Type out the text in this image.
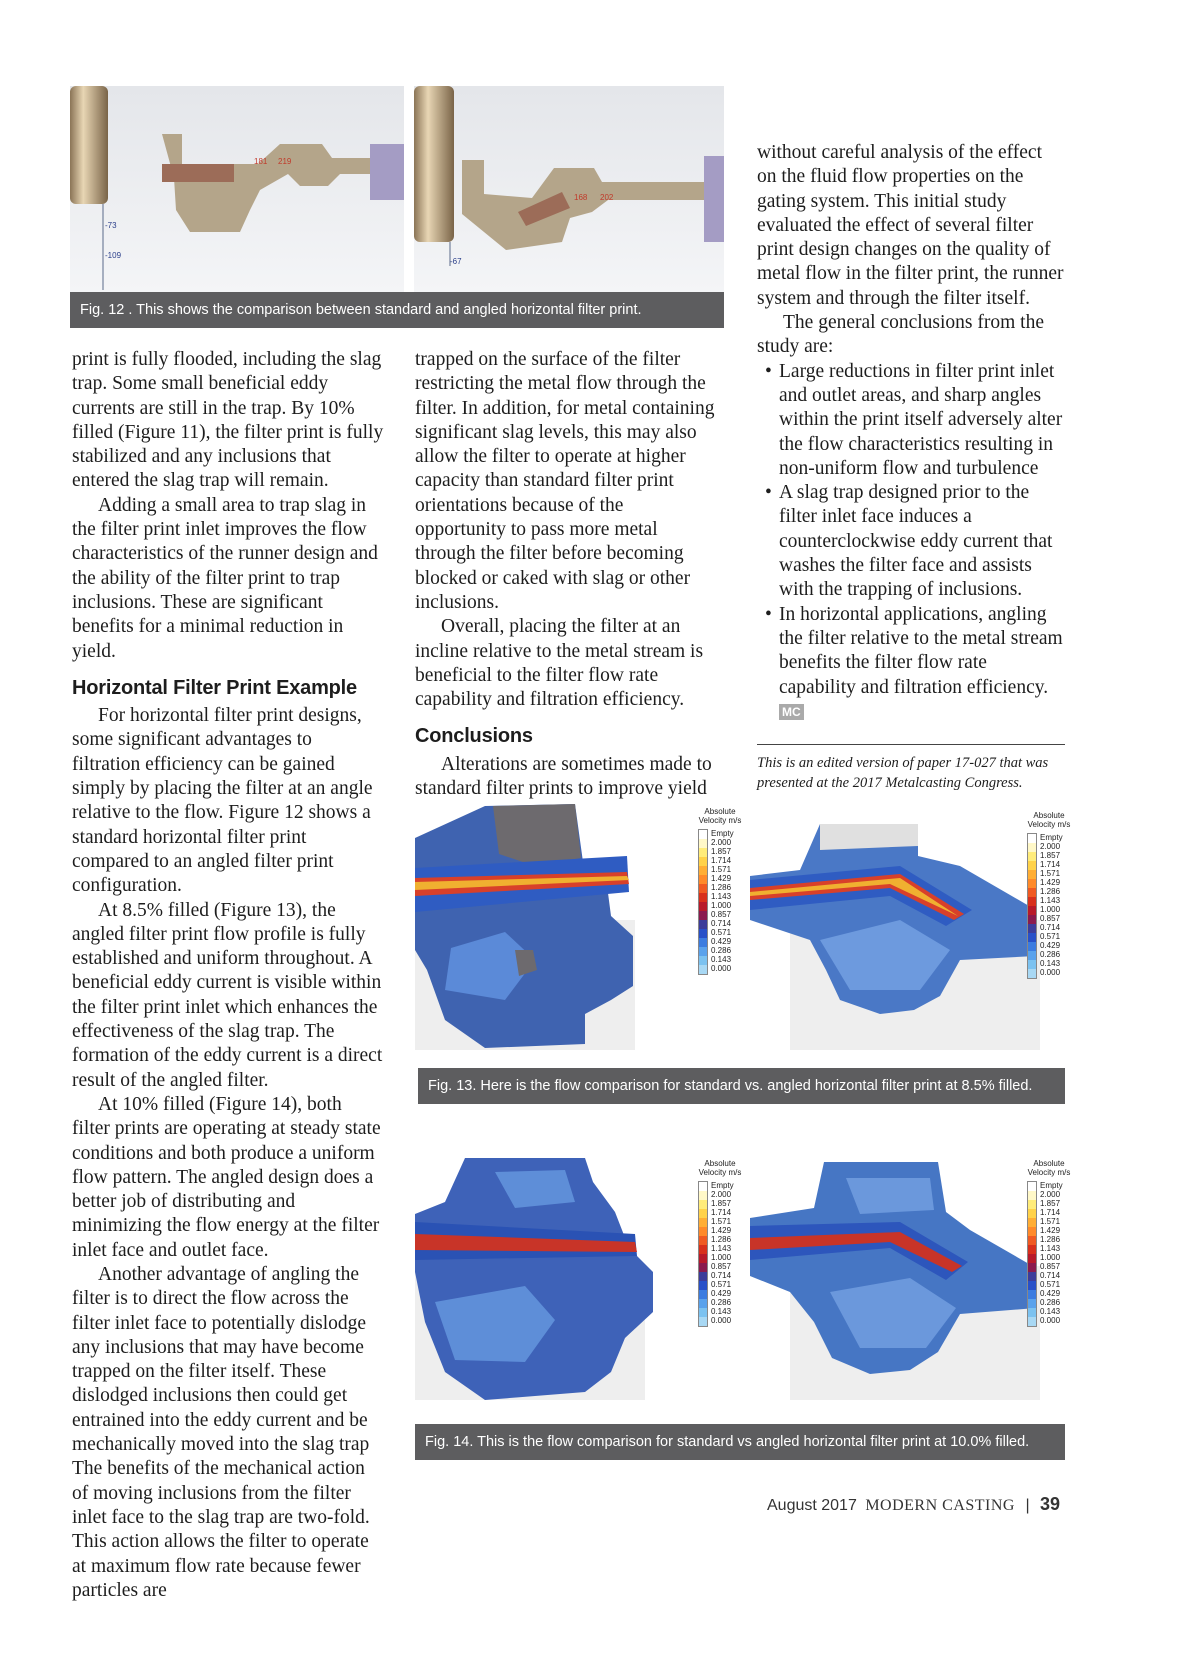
181 219
-73
-109
168 202
-67
Fig. 12 . This shows the comparison between standard and angled horizontal filter print.

print is fully flooded, including the slag trap. Some small beneficial eddy currents are still in the trap. By 10% filled (Figure 11), the filter print is fully stabilized and any inclusions that entered the slag trap will remain.

Adding a small area to trap slag in the filter print inlet improves the flow characteristics of the runner design and the ability of the filter print to trap inclusions. These are significant benefits for a minimal reduction in yield.

Horizontal Filter Print Example

For horizontal filter print designs, some significant advantages to filtration efficiency can be gained simply by placing the filter at an angle relative to the flow. Figure 12 shows a standard horizontal filter print compared to an angled filter print configuration.

At 8.5% filled (Figure 13), the angled filter print flow profile is fully established and uniform throughout. A beneficial eddy current is visible within the filter print inlet which enhances the effectiveness of the slag trap. The formation of the eddy current is a direct result of the angled filter.

At 10% filled (Figure 14), both filter prints are operating at steady state conditions and both produce a uniform flow pattern. The angled design does a better job of distributing and minimizing the flow energy at the filter inlet face and outlet face.

Another advantage of angling the filter is to direct the flow across the filter inlet face to potentially dislodge any inclusions that may have become trapped on the filter itself. These dislodged inclusions then could get entrained into the eddy current and be mechanically moved into the slag trap The benefits of the mechanical action of moving inclusions from the filter inlet face to the slag trap are two-fold. This action allows the filter to operate at maximum flow rate because fewer particles are

trapped on the surface of the filter restricting the metal flow through the filter. In addition, for metal containing significant slag levels, this may also allow the filter to operate at higher capacity than standard filter print orientations because of the opportunity to pass more metal through the filter before becoming blocked or caked with slag or other inclusions.

Overall, placing the filter at an incline relative to the metal stream is beneficial to the filter flow rate capability and filtration efficiency.

Conclusions

Alterations are sometimes made to standard filter prints to improve yield

without careful analysis of the effect on the fluid flow properties on the gating system. This initial study evaluated the effect of several filter print design changes on the quality of metal flow in the filter print, the runner system and through the filter itself.

The general conclusions from the study are:

• Large reductions in filter print inlet and outlet areas, and sharp angles within the print itself adversely alter the flow characteristics resulting in non-uniform flow and turbulence
• A slag trap designed prior to the filter inlet face induces a counterclockwise eddy current that washes the filter face and assists with the trapping of inclusions.
• In horizontal applications, angling the filter relative to the metal stream benefits the filter flow rate capability and filtration efficiency. MC
This is an edited version of paper 17-027 that was presented at the 2017 Metalcasting Congress.
Absolute
Velocity m/s
Empty
2.000
1.857
1.714
1.571
1.429
1.286
1.143
1.000
0.857
0.714
0.571
0.429
0.286
0.143
0.000
Absolute
Velocity m/s
Empty
2.000
1.857
1.714
1.571
1.429
1.286
1.143
1.000
0.857
0.714
0.571
0.429
0.286
0.143
0.000
Fig. 13. Here is the flow comparison for standard vs. angled horizontal filter print at 8.5% filled.
Absolute
Velocity m/s
Empty
2.000
1.857
1.714
1.571
1.429
1.286
1.143
1.000
0.857
0.714
0.571
0.429
0.286
0.143
0.000
Absolute
Velocity m/s
Empty
2.000
1.857
1.714
1.571
1.429
1.286
1.143
1.000
0.857
0.714
0.571
0.429
0.286
0.143
0.000
Fig. 14. This is the flow comparison for standard vs angled horizontal filter print at 10.0% filled.
August 2017 MODERN CASTING | 39
